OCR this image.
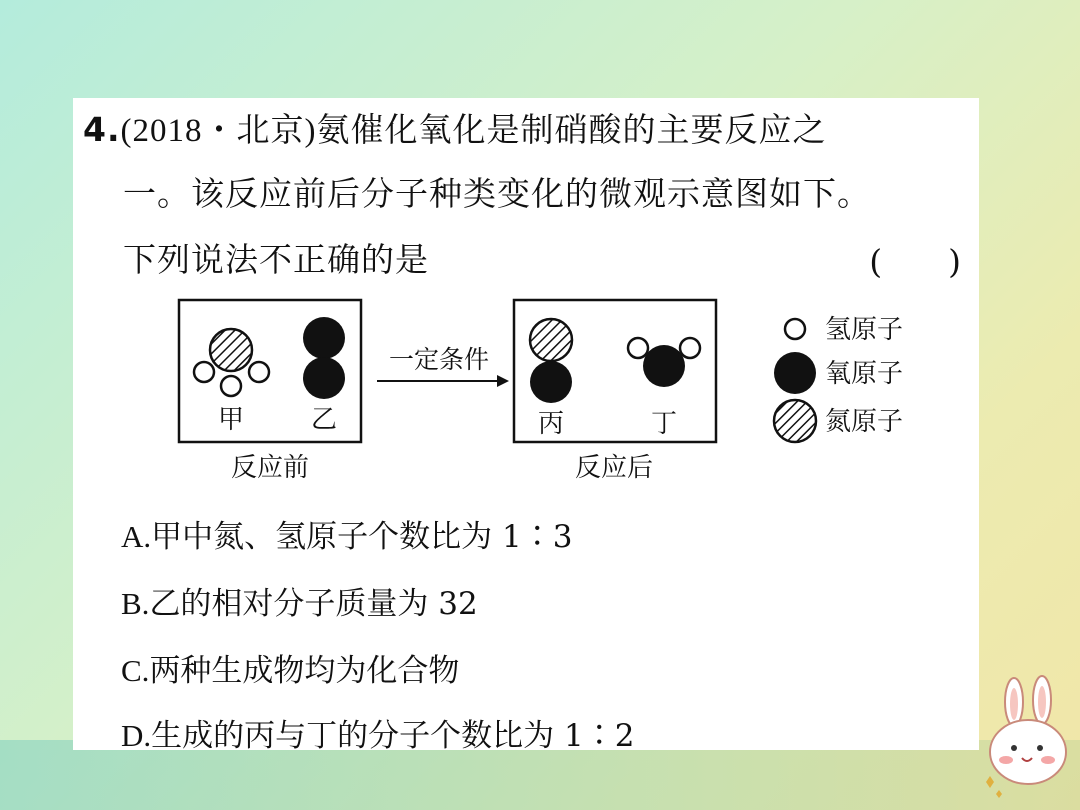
4.(2018・北京)氨催化氧化是制硝酸的主要反应之
一。该反应前后分子种类变化的微观示意图如下。
下列说法不正确的是	(　　)
甲	乙
反应前
一定条件
丙	丁
反应后
氢原子
氧原子
氮原子
A.甲中氮、氢原子个数比为 1∶3
B.乙的相对分子质量为 32
C.两种生成物均为化合物
D.生成的丙与丁的分子个数比为 1∶2
